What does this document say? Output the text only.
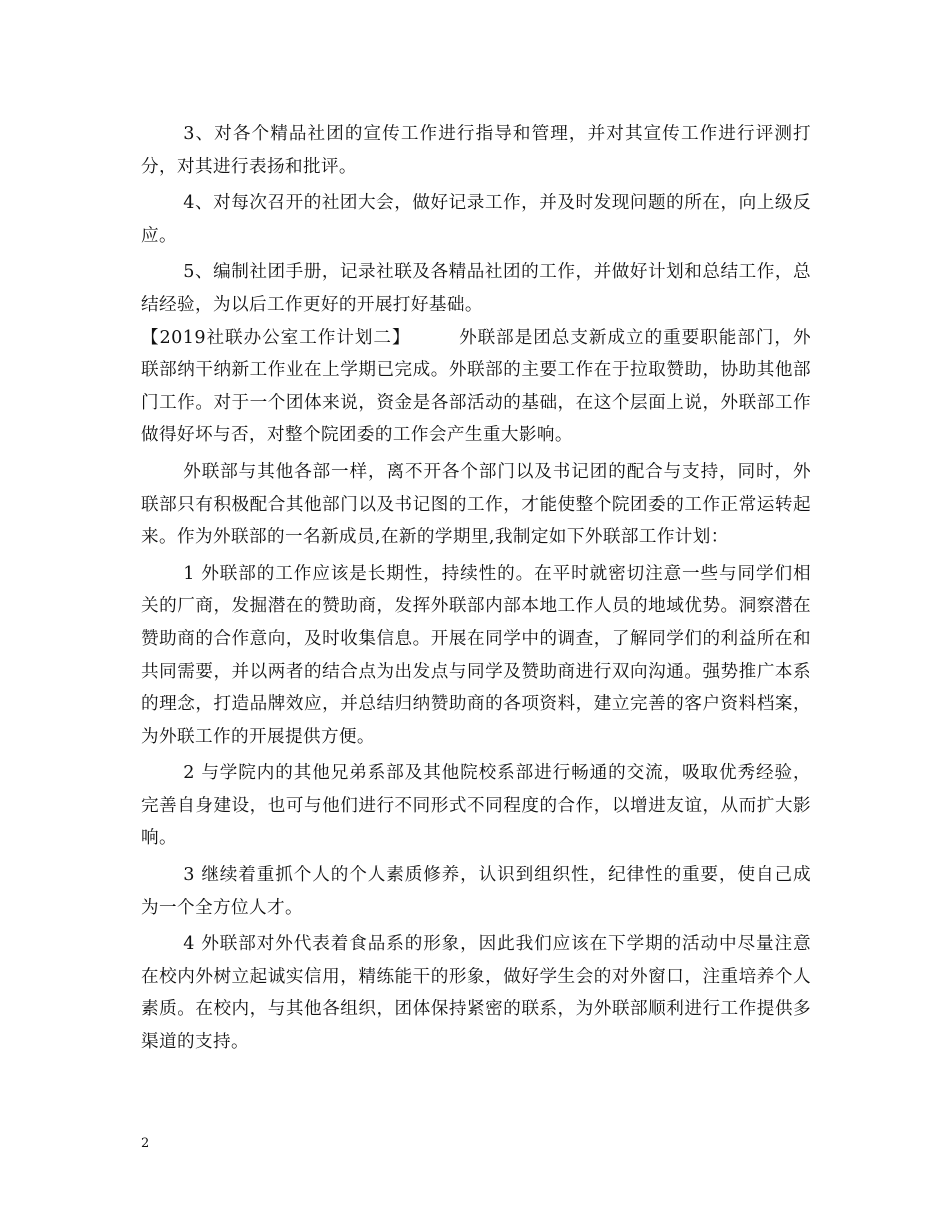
3、对各个精品社团的宣传工作进行指导和管理，并对其宣传工作进行评测打分，对其进行表扬和批评。

4、对每次召开的社团大会，做好记录工作，并及时发现问题的所在，向上级反应。

5、编制社团手册，记录社联及各精品社团的工作，并做好计划和总结工作，总结经验，为以后工作更好的开展打好基础。

【2019社联办公室工作计划二】	外联部是团总支新成立的重要职能部门，外联部纳干纳新工作业在上学期已完成。外联部的主要工作在于拉取赞助，协助其他部门工作。对于一个团体来说，资金是各部活动的基础，在这个层面上说，外联部工作做得好坏与否，对整个院团委的工作会产生重大影响。

外联部与其他各部一样，离不开各个部门以及书记团的配合与支持，同时，外联部只有积极配合其他部门以及书记图的工作，才能使整个院团委的工作正常运转起来。作为外联部的一名新成员,在新的学期里,我制定如下外联部工作计划：

1 外联部的工作应该是长期性，持续性的。在平时就密切注意一些与同学们相关的厂商，发掘潜在的赞助商，发挥外联部内部本地工作人员的地域优势。洞察潜在赞助商的合作意向，及时收集信息。开展在同学中的调查，了解同学们的利益所在和共同需要，并以两者的结合点为出发点与同学及赞助商进行双向沟通。强势推广本系的理念，打造品牌效应，并总结归纳赞助商的各项资料，建立完善的客户资料档案，为外联工作的开展提供方便。

2 与学院内的其他兄弟系部及其他院校系部进行畅通的交流，吸取优秀经验，完善自身建设，也可与他们进行不同形式不同程度的合作，以增进友谊，从而扩大影响。

3 继续着重抓个人的个人素质修养，认识到组织性，纪律性的重要，使自己成为一个全方位人才。

4 外联部对外代表着食品系的形象，因此我们应该在下学期的活动中尽量注意在校内外树立起诚实信用，精练能干的形象，做好学生会的对外窗口，注重培养个人素质。在校内，与其他各组织，团体保持紧密的联系，为外联部顺利进行工作提供多渠道的支持。

2
